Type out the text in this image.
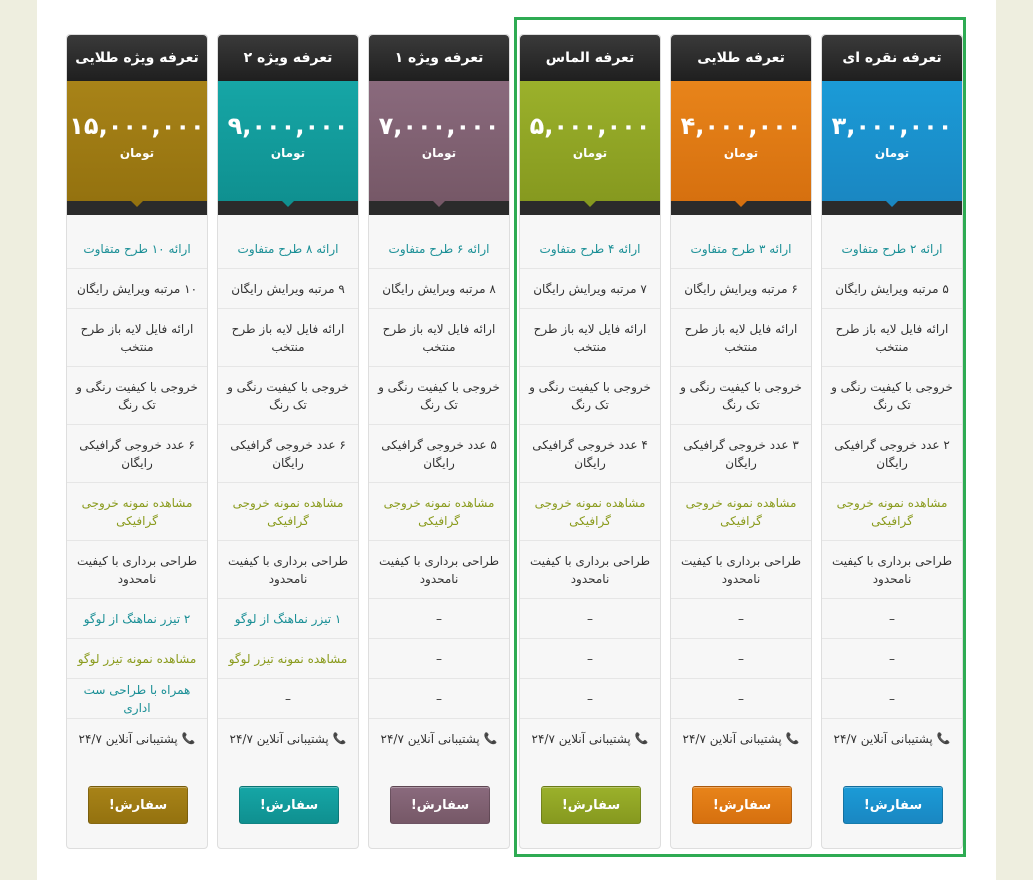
تعرفه نقره ای
۳,۰۰۰,۰۰۰
تومان
ارائه ۲ طرح متفاوت
۵ مرتبه ویرایش رایگان
ارائه فایل لایه باز طرح منتخب
خروجی با کیفیت رنگی و تک رنگ
۲ عدد خروجی گرافیکی رایگان
مشاهده نمونه خروجی گرافیکی
طراحی برداری با کیفیت نامحدود
–
–
–
📞
پشتیبانی آنلاین ۲۴/۷
سفارش!
تعرفه طلایی
۴,۰۰۰,۰۰۰
تومان
ارائه ۳ طرح متفاوت
۶ مرتبه ویرایش رایگان
ارائه فایل لایه باز طرح منتخب
خروجی با کیفیت رنگی و تک رنگ
۳ عدد خروجی گرافیکی رایگان
مشاهده نمونه خروجی گرافیکی
طراحی برداری با کیفیت نامحدود
–
–
–
📞
پشتیبانی آنلاین ۲۴/۷
سفارش!
تعرفه الماس
۵,۰۰۰,۰۰۰
تومان
ارائه ۴ طرح متفاوت
۷ مرتبه ویرایش رایگان
ارائه فایل لایه باز طرح منتخب
خروجی با کیفیت رنگی و تک رنگ
۴ عدد خروجی گرافیکی رایگان
مشاهده نمونه خروجی گرافیکی
طراحی برداری با کیفیت نامحدود
–
–
–
📞
پشتیبانی آنلاین ۲۴/۷
سفارش!
تعرفه ویژه ۱
۷,۰۰۰,۰۰۰
تومان
ارائه ۶ طرح متفاوت
۸ مرتبه ویرایش رایگان
ارائه فایل لایه باز طرح منتخب
خروجی با کیفیت رنگی و تک رنگ
۵ عدد خروجی گرافیکی رایگان
مشاهده نمونه خروجی گرافیکی
طراحی برداری با کیفیت نامحدود
–
–
–
📞
پشتیبانی آنلاین ۲۴/۷
سفارش!
تعرفه ویژه ۲
۹,۰۰۰,۰۰۰
تومان
ارائه ۸ طرح متفاوت
۹ مرتبه ویرایش رایگان
ارائه فایل لایه باز طرح منتخب
خروجی با کیفیت رنگی و تک رنگ
۶ عدد خروجی گرافیکی رایگان
مشاهده نمونه خروجی گرافیکی
طراحی برداری با کیفیت نامحدود
۱ تیزر نماهنگ از لوگو
مشاهده نمونه تیزر لوگو
–
📞
پشتیبانی آنلاین ۲۴/۷
سفارش!
تعرفه ویژه طلایی
۱۵,۰۰۰,۰۰۰
تومان
ارائه ۱۰ طرح متفاوت
۱۰ مرتبه ویرایش رایگان
ارائه فایل لایه باز طرح منتخب
خروجی با کیفیت رنگی و تک رنگ
۶ عدد خروجی گرافیکی رایگان
مشاهده نمونه خروجی گرافیکی
طراحی برداری با کیفیت نامحدود
۲ تیزر نماهنگ از لوگو
مشاهده نمونه تیزر لوگو
همراه با طراحی ست اداری
📞
پشتیبانی آنلاین ۲۴/۷
سفارش!
